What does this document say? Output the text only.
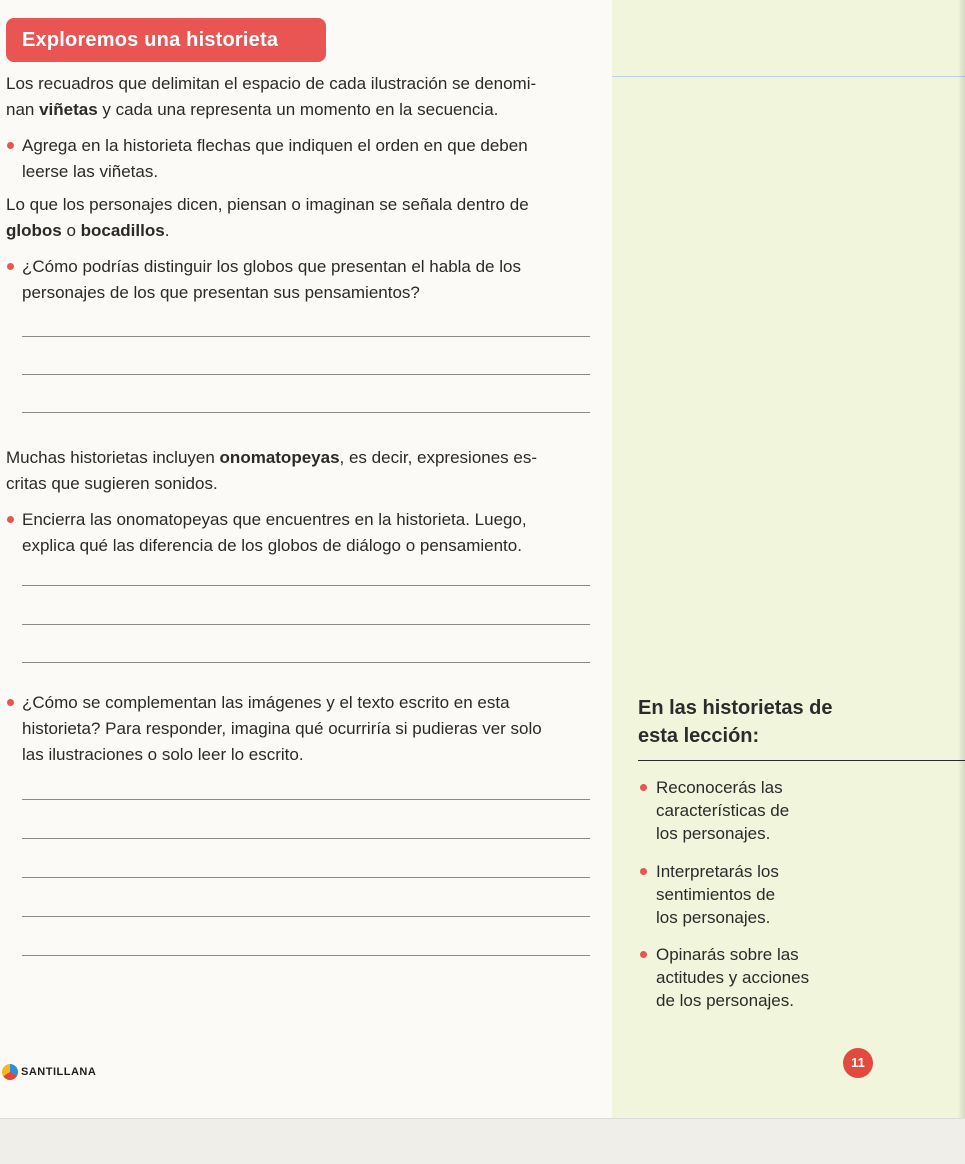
Exploremos una historieta

Los recuadros que delimitan el espacio de cada ilustración se denomi-
nan viñetas y cada una representa un momento en la secuencia.

Agrega en la historieta flechas que indiquen el orden en que deben
leerse las viñetas.

Lo que los personajes dicen, piensan o imaginan se señala dentro de
globos o bocadillos.

¿Cómo podrías distinguir los globos que presentan el habla de los
personajes de los que presentan sus pensamientos?

Muchas historietas incluyen onomatopeyas, es decir, expresiones es-
critas que sugieren sonidos.

Encierra las onomatopeyas que encuentres en la historieta. Luego,
explica qué las diferencia de los globos de diálogo o pensamiento.
¿Cómo se complementan las imágenes y el texto escrito en esta
historieta? Para responder, imagina qué ocurriría si pudieras ver solo
las ilustraciones o solo leer lo escrito.
En las historietas de
esta lección:
Reconocerás las
características de
los personajes.
Interpretarás los
sentimientos de
los personajes.
Opinarás sobre las
actitudes y acciones
de los personajes.
SANTILLANA
11
